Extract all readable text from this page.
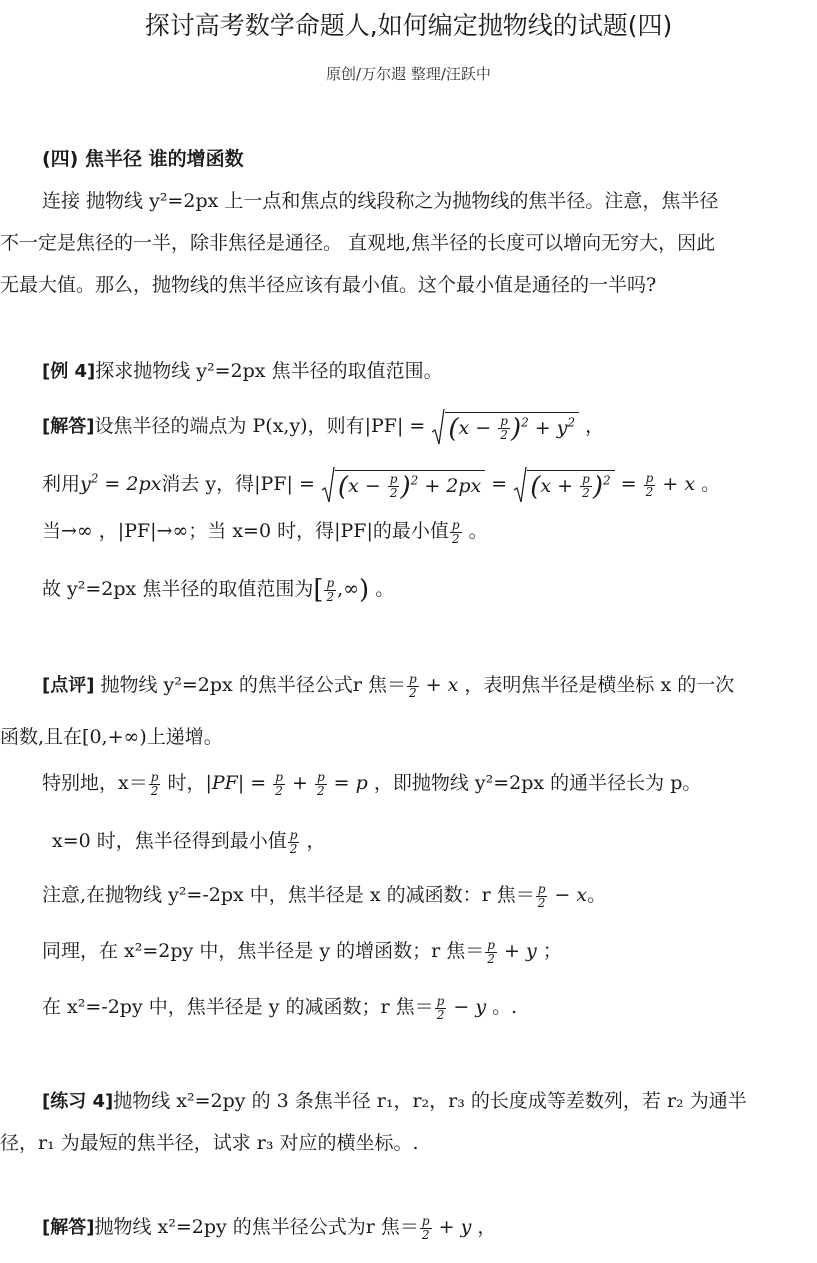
探讨高考数学命题人,如何编定抛物线的试题(四)
原创/万尔遐 整理/汪跃中
(四) 焦半径 谁的增函数
连接 抛物线 y²=2px 上一点和焦点的线段称之为抛物线的焦半径。注意，焦半径
不一定是焦径的一半，除非焦径是通径。 直观地,焦半径的长度可以增向无穷大，因此
无最大值。那么，抛物线的焦半径应该有最小值。这个最小值是通径的一半吗?
[例 4]探求抛物线 y²=2px 焦半径的取值范围。
[解答]设焦半径的端点为 P(x,y)，则有$|PF| = (x - \frac{p}{2} )^2 + y^2$ ，
利用$y^2 = 2px$消去 y，得$|PF| = (x - \frac{p}{2} )^2 + 2px = (x + \frac{p}{2} )^2 = \frac{p}{2} + x$ 。
当→∞ ，|PF|→∞；当 x=0 时，得|PF|的最小值 $\frac{p}{2}$ 。
故 y²=2px 焦半径的取值范围为[ $\frac{p}{2}$ ,∞) 。
[点评] 抛物线 y²=2px 的焦半径公式r 焦＝ $\frac{p}{2} + x$ ，表明焦半径是横坐标 x 的一次
函数,且在[0,+∞)上递增。
特别地，$x= \frac{p}{2}$ 时，$|PF| = \frac{p}{2} + \frac{p}{2} = p$ ，即抛物线 y²=2px 的通半径长为 p。
x=0 时，焦半径得到最小值 $\frac{p}{2}$ ，
注意,在抛物线 y²=-2px 中，焦半径是 x 的减函数：r 焦＝ $\frac{p}{2} - x$。
同理，在 x²=2py 中，焦半径是 y 的增函数；r 焦＝ $\frac{p}{2} + y$ ；
在 x²=-2py 中，焦半径是 y 的减函数；r 焦＝ $\frac{p}{2} - y$ 。.
[练习 4]抛物线 x²=2py 的 3 条焦半径 r₁，r₂，r₃ 的长度成等差数列，若 r₂ 为通半
径，r₁ 为最短的焦半径，试求 r₃ 对应的横坐标。.
[解答]抛物线 x²=2py 的焦半径公式为r 焦＝ $\frac{p}{2} + y$ ，
